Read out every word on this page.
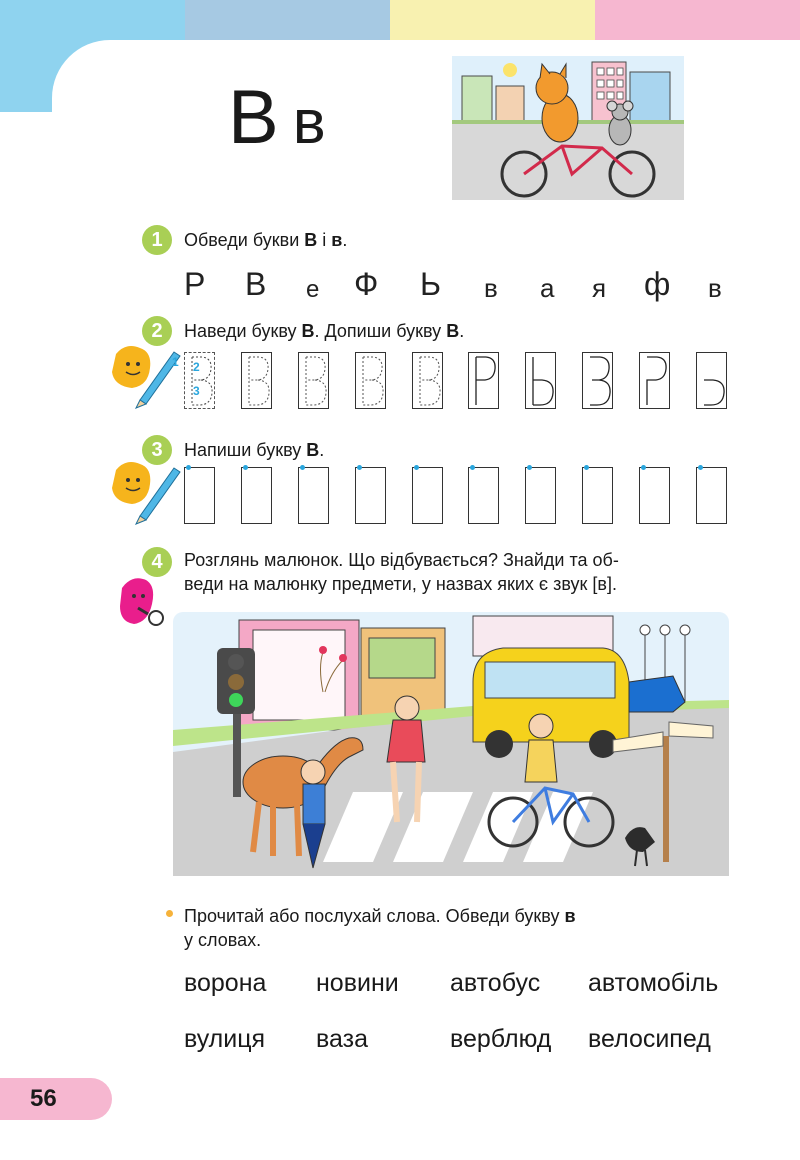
В в
1	Обведи букви В і в.
Р В е Ф Ь в а я ф в
2	Наведи букву В. Допиши букву В.
1 2
3
3	Напиши букву В.
4	Розглянь малюнок. Що відбувається? Знайди та об-
веди на малюнку предмети, у назвах яких є звук [в].
Прочитай або послухай слова. Обведи букву в
у словах.
ворона новини автобус автомобіль
вулиця ваза	верблюд велосипед
56
